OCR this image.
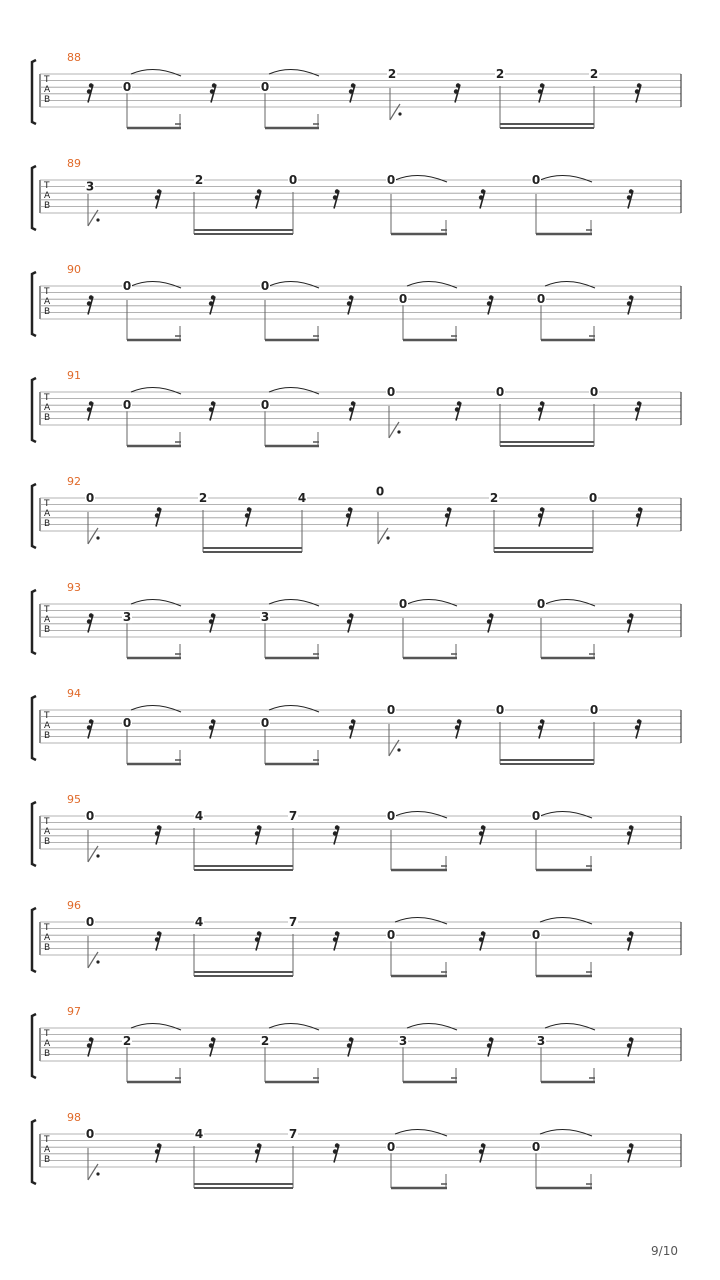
T
A
B
88
0	0
2	2	2
T
A
B
89
3	2	0	0	0
T
A
B
90
0	0
0	0
T
A
B
91
0	0
0	0	0
T
A
B
92
0	2	4	0	2	0
T
A
B
93
3	3
0	0
T
A
B
94
0	0
0	0	0
T
A
B
95
0	4	7	0	0
T
A
B
96
0	4	7
0	0
T
A
B
97
2	2	3	3
T
A
B
98
0	4	7
0	0
9/10
